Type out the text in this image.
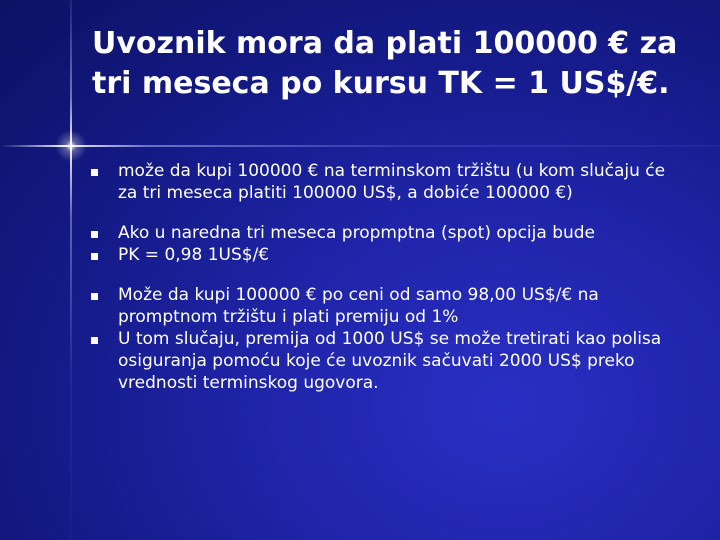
Uvoznik mora da plati 100000 € za tri meseca po kursu TK = 1 US$/€.
može da kupi 100000 € na terminskom tržištu (u kom slučaju će za tri meseca platiti 100000 US$, a dobiće 100000 €)
Ako u naredna tri meseca propmptna (spot) opcija bude
PK = 0,98 1US$/€
Može da kupi 100000 € po ceni od samo 98,00 US$/€ na promptnom tržištu i plati premiju od 1%
U tom slučaju, premija od 1000 US$ se može tretirati kao polisa osiguranja pomoću koje će uvoznik sačuvati 2000 US$ preko vrednosti terminskog ugovora.
